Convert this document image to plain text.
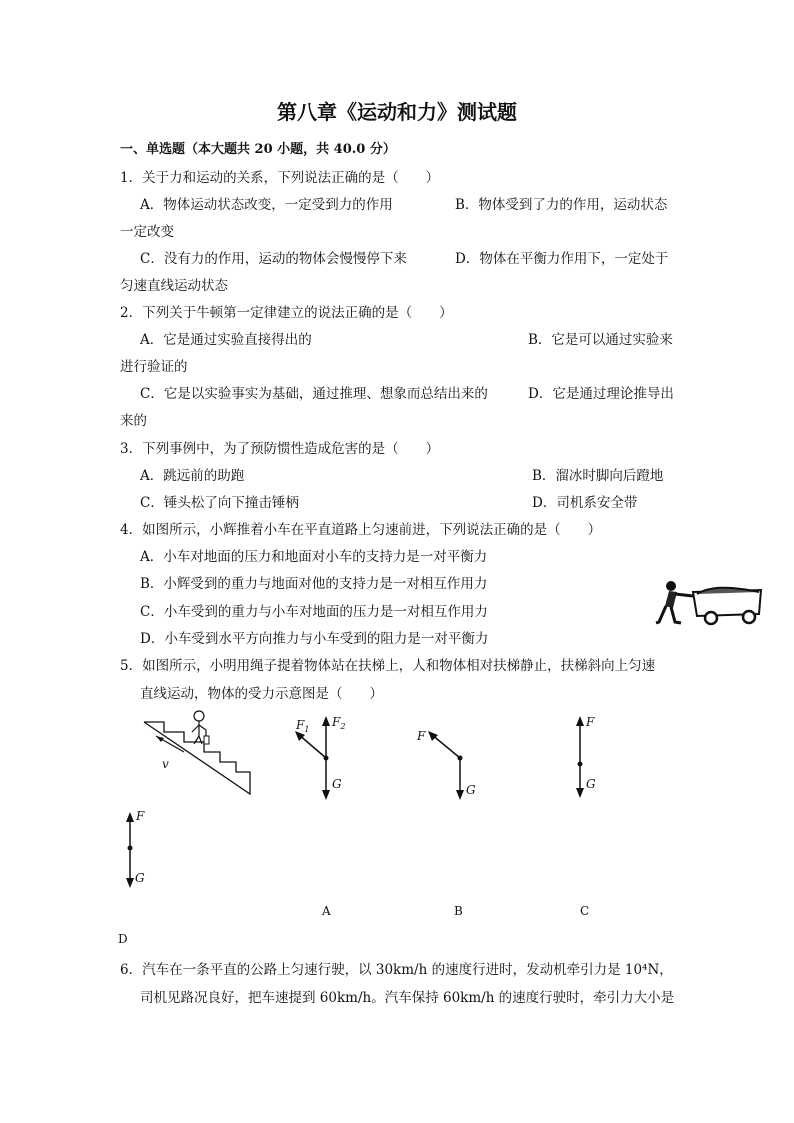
第八章《运动和力》测试题
一、单选题（本大题共 20 小题，共 40.0 分）
1．关于力和运动的关系，下列说法正确的是（　　）
A．物体运动状态改变，一定受到力的作用	B．物体受到了力的作用，运动状态
一定改变
C．没有力的作用，运动的物体会慢慢停下来	D．物体在平衡力作用下，一定处于
匀速直线运动状态
2．下列关于牛顿第一定律建立的说法正确的是（　　）
A．它是通过实验直接得出的	B．它是可以通过实验来
进行验证的
C．它是以实验事实为基础，通过推理、想象而总结出来的	D．它是通过理论推导出
来的
3．下列事例中，为了预防惯性造成危害的是（　　）
A．跳远前的助跑	B．溜冰时脚向后蹬地
C．锤头松了向下撞击锤柄	D．司机系安全带
4．如图所示，小辉推着小车在平直道路上匀速前进，下列说法正确的是（　　）
A．小车对地面的压力和地面对小车的支持力是一对平衡力
B．小辉受到的重力与地面对他的支持力是一对相互作用力
C．小车受到的重力与小车对地面的压力是一对相互作用力
D．小车受到水平方向推力与小车受到的阻力是一对平衡力
5．如图所示，小明用绳子提着物体站在扶梯上，人和物体相对扶梯静止，扶梯斜向上匀速
直线运动，物体的受力示意图是（　　）
v
$F_1$
$F_2$
G
F
G
F
G
F
G
A	B	C
D
6．汽车在一条平直的公路上匀速行驶，以 30km/h 的速度行进时，发动机牵引力是 10⁴N，
司机见路况良好，把车速提到 60km/h。汽车保持 60km/h 的速度行驶时，牵引力大小是
